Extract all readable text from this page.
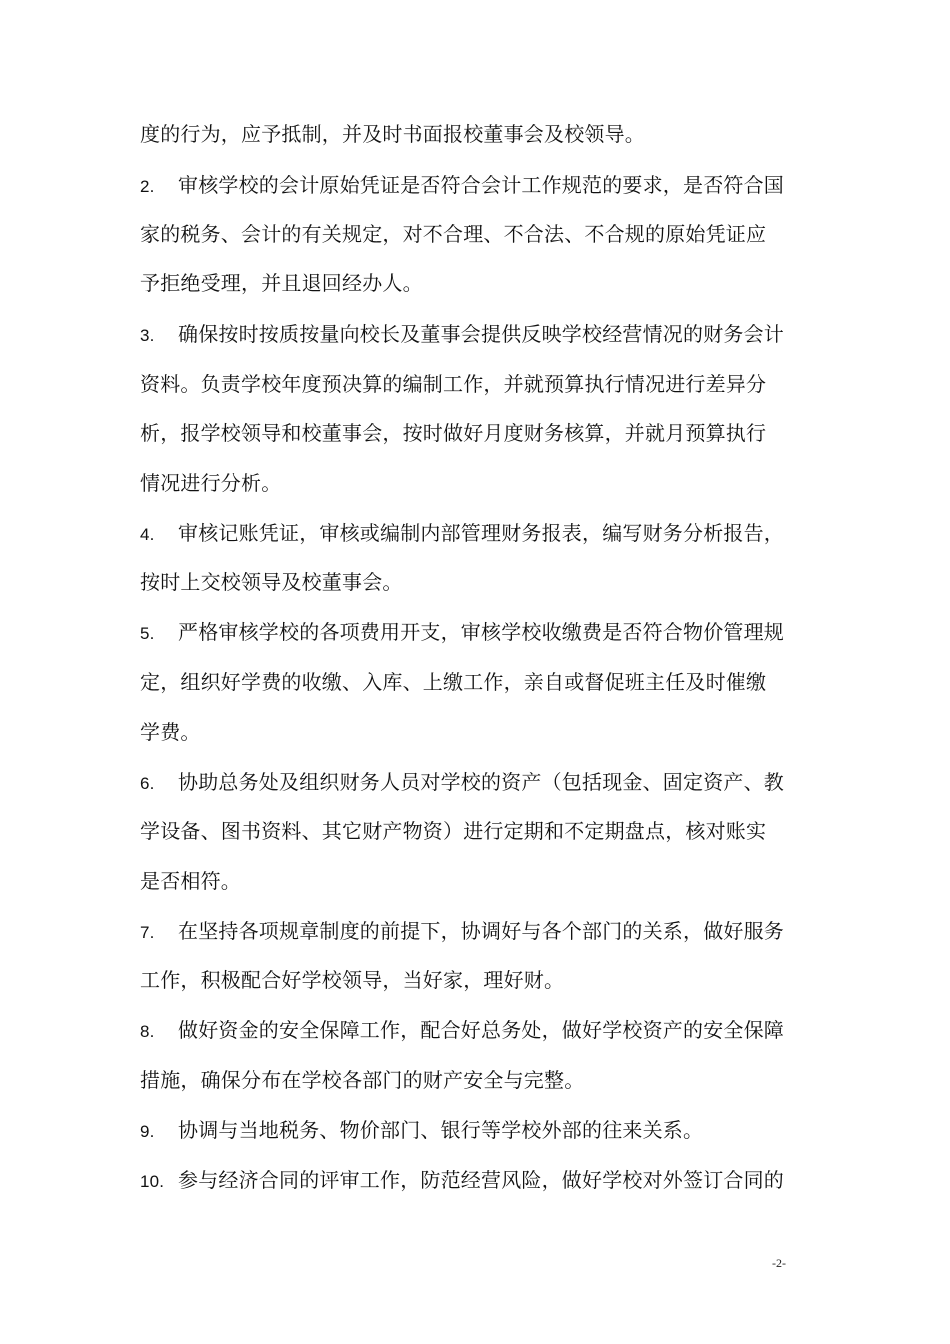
度的行为，应予抵制，并及时书面报校董事会及校领导。
2. 审核学校的会计原始凭证是否符合会计工作规范的要求，是否符合国
家的税务、会计的有关规定，对不合理、不合法、不合规的原始凭证应
予拒绝受理，并且退回经办人。
3. 确保按时按质按量向校长及董事会提供反映学校经营情况的财务会计
资料。负责学校年度预决算的编制工作，并就预算执行情况进行差异分
析，报学校领导和校董事会，按时做好月度财务核算，并就月预算执行
情况进行分析。
4. 审核记账凭证，审核或编制内部管理财务报表，编写财务分析报告，
按时上交校领导及校董事会。
5. 严格审核学校的各项费用开支，审核学校收缴费是否符合物价管理规
定，组织好学费的收缴、入库、上缴工作，亲自或督促班主任及时催缴
学费。
6. 协助总务处及组织财务人员对学校的资产（包括现金、固定资产、教
学设备、图书资料、其它财产物资）进行定期和不定期盘点，核对账实
是否相符。
7. 在坚持各项规章制度的前提下，协调好与各个部门的关系，做好服务
工作，积极配合好学校领导，当好家，理好财。
8. 做好资金的安全保障工作，配合好总务处，做好学校资产的安全保障
措施，确保分布在学校各部门的财产安全与完整。
9. 协调与当地税务、物价部门、银行等学校外部的往来关系。
10. 参与经济合同的评审工作，防范经营风险，做好学校对外签订合同的
-2-
